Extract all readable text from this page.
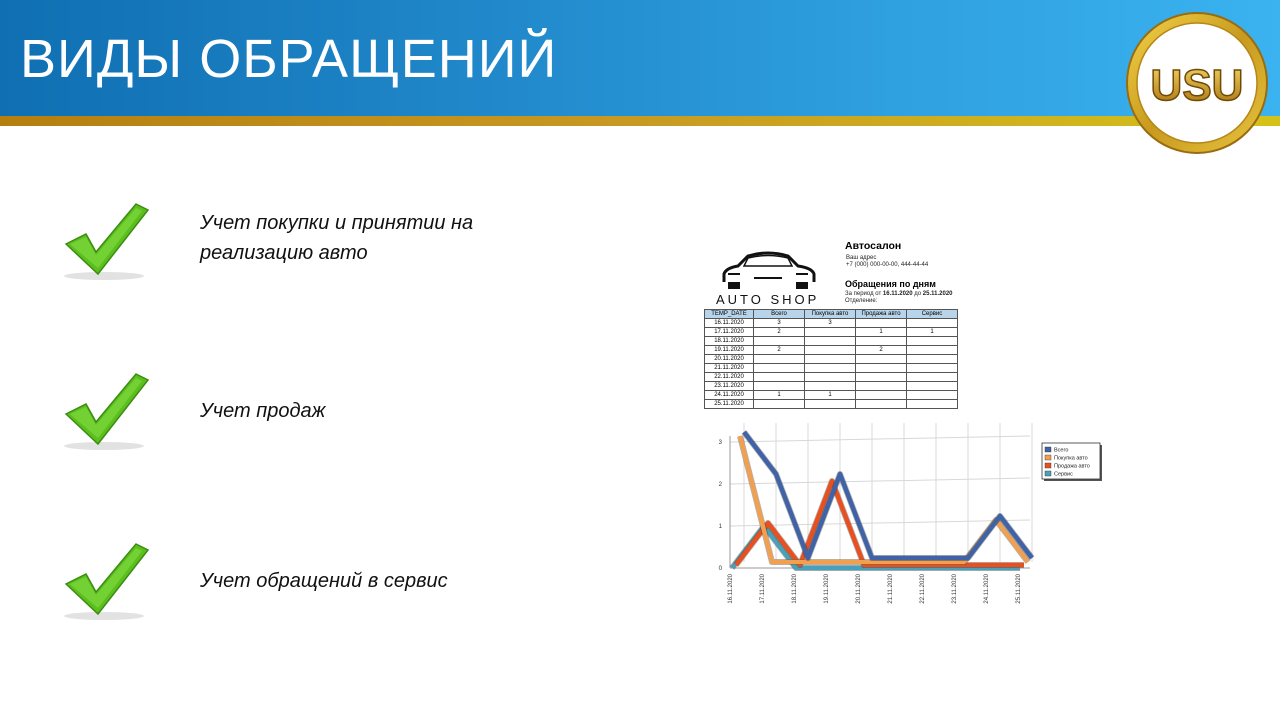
ВИДЫ ОБРАЩЕНИЙ	USU
Учет покупки и принятии на реализацию авто
Учет продаж
Учет обращений в сервис
AUTO SHOP
Автосалон
Ваш адрес
+7 (000) 000-00-00, 444-44-44
Обращения по дням
За период от 16.11.2020 до 25.11.2020
Отделение:
TEMP_DATE	Всего	Покупка авто	Продажа авто	Сервис
16.11.2020	3	3		
17.11.2020	2		1	1
18.11.2020				
19.11.2020	2		2	
20.11.2020				
21.11.2020				
22.11.2020				
23.11.2020				
24.11.2020	1	1		
25.11.2020				
0
1
2
3
16.11.2020	17.11.2020	18.11.2020	19.11.2020	20.11.2020	21.11.2020	22.11.2020	23.11.2020	24.11.2020	25.11.2020
Всего
Покупка авто
Продажа авто
Сервис
